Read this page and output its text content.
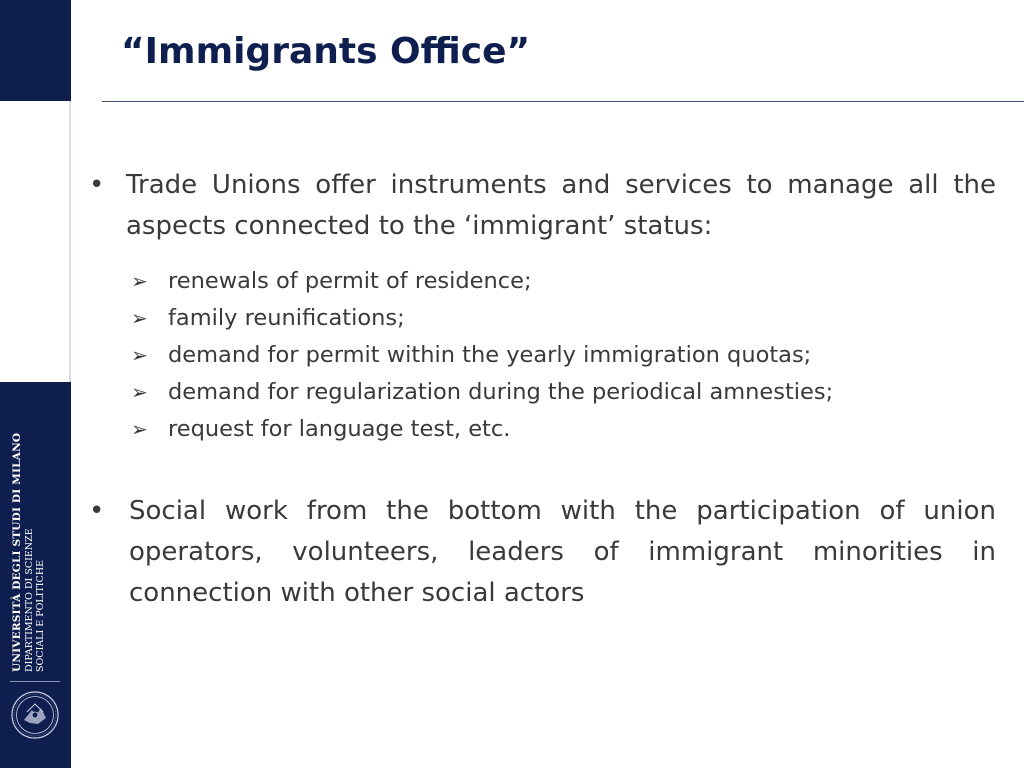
UNIVERSITÀ DEGLI STUDI DI MILANO DIPARTIMENTO DI SCIENZE SOCIALI E POLITICHE
“Immigrants Office”
• Trade Unions offer instruments and services to manage all the aspects connected to the ‘immigrant’ status:
➢ renewals of permit of residence;
➢ family reunifications;
➢ demand for permit within the yearly immigration quotas;
➢ demand for regularization during the periodical amnesties;
➢ request for language test, etc.
• Social work from the bottom with the participation of union operators, volunteers, leaders of immigrant minorities in connection with other social actors
